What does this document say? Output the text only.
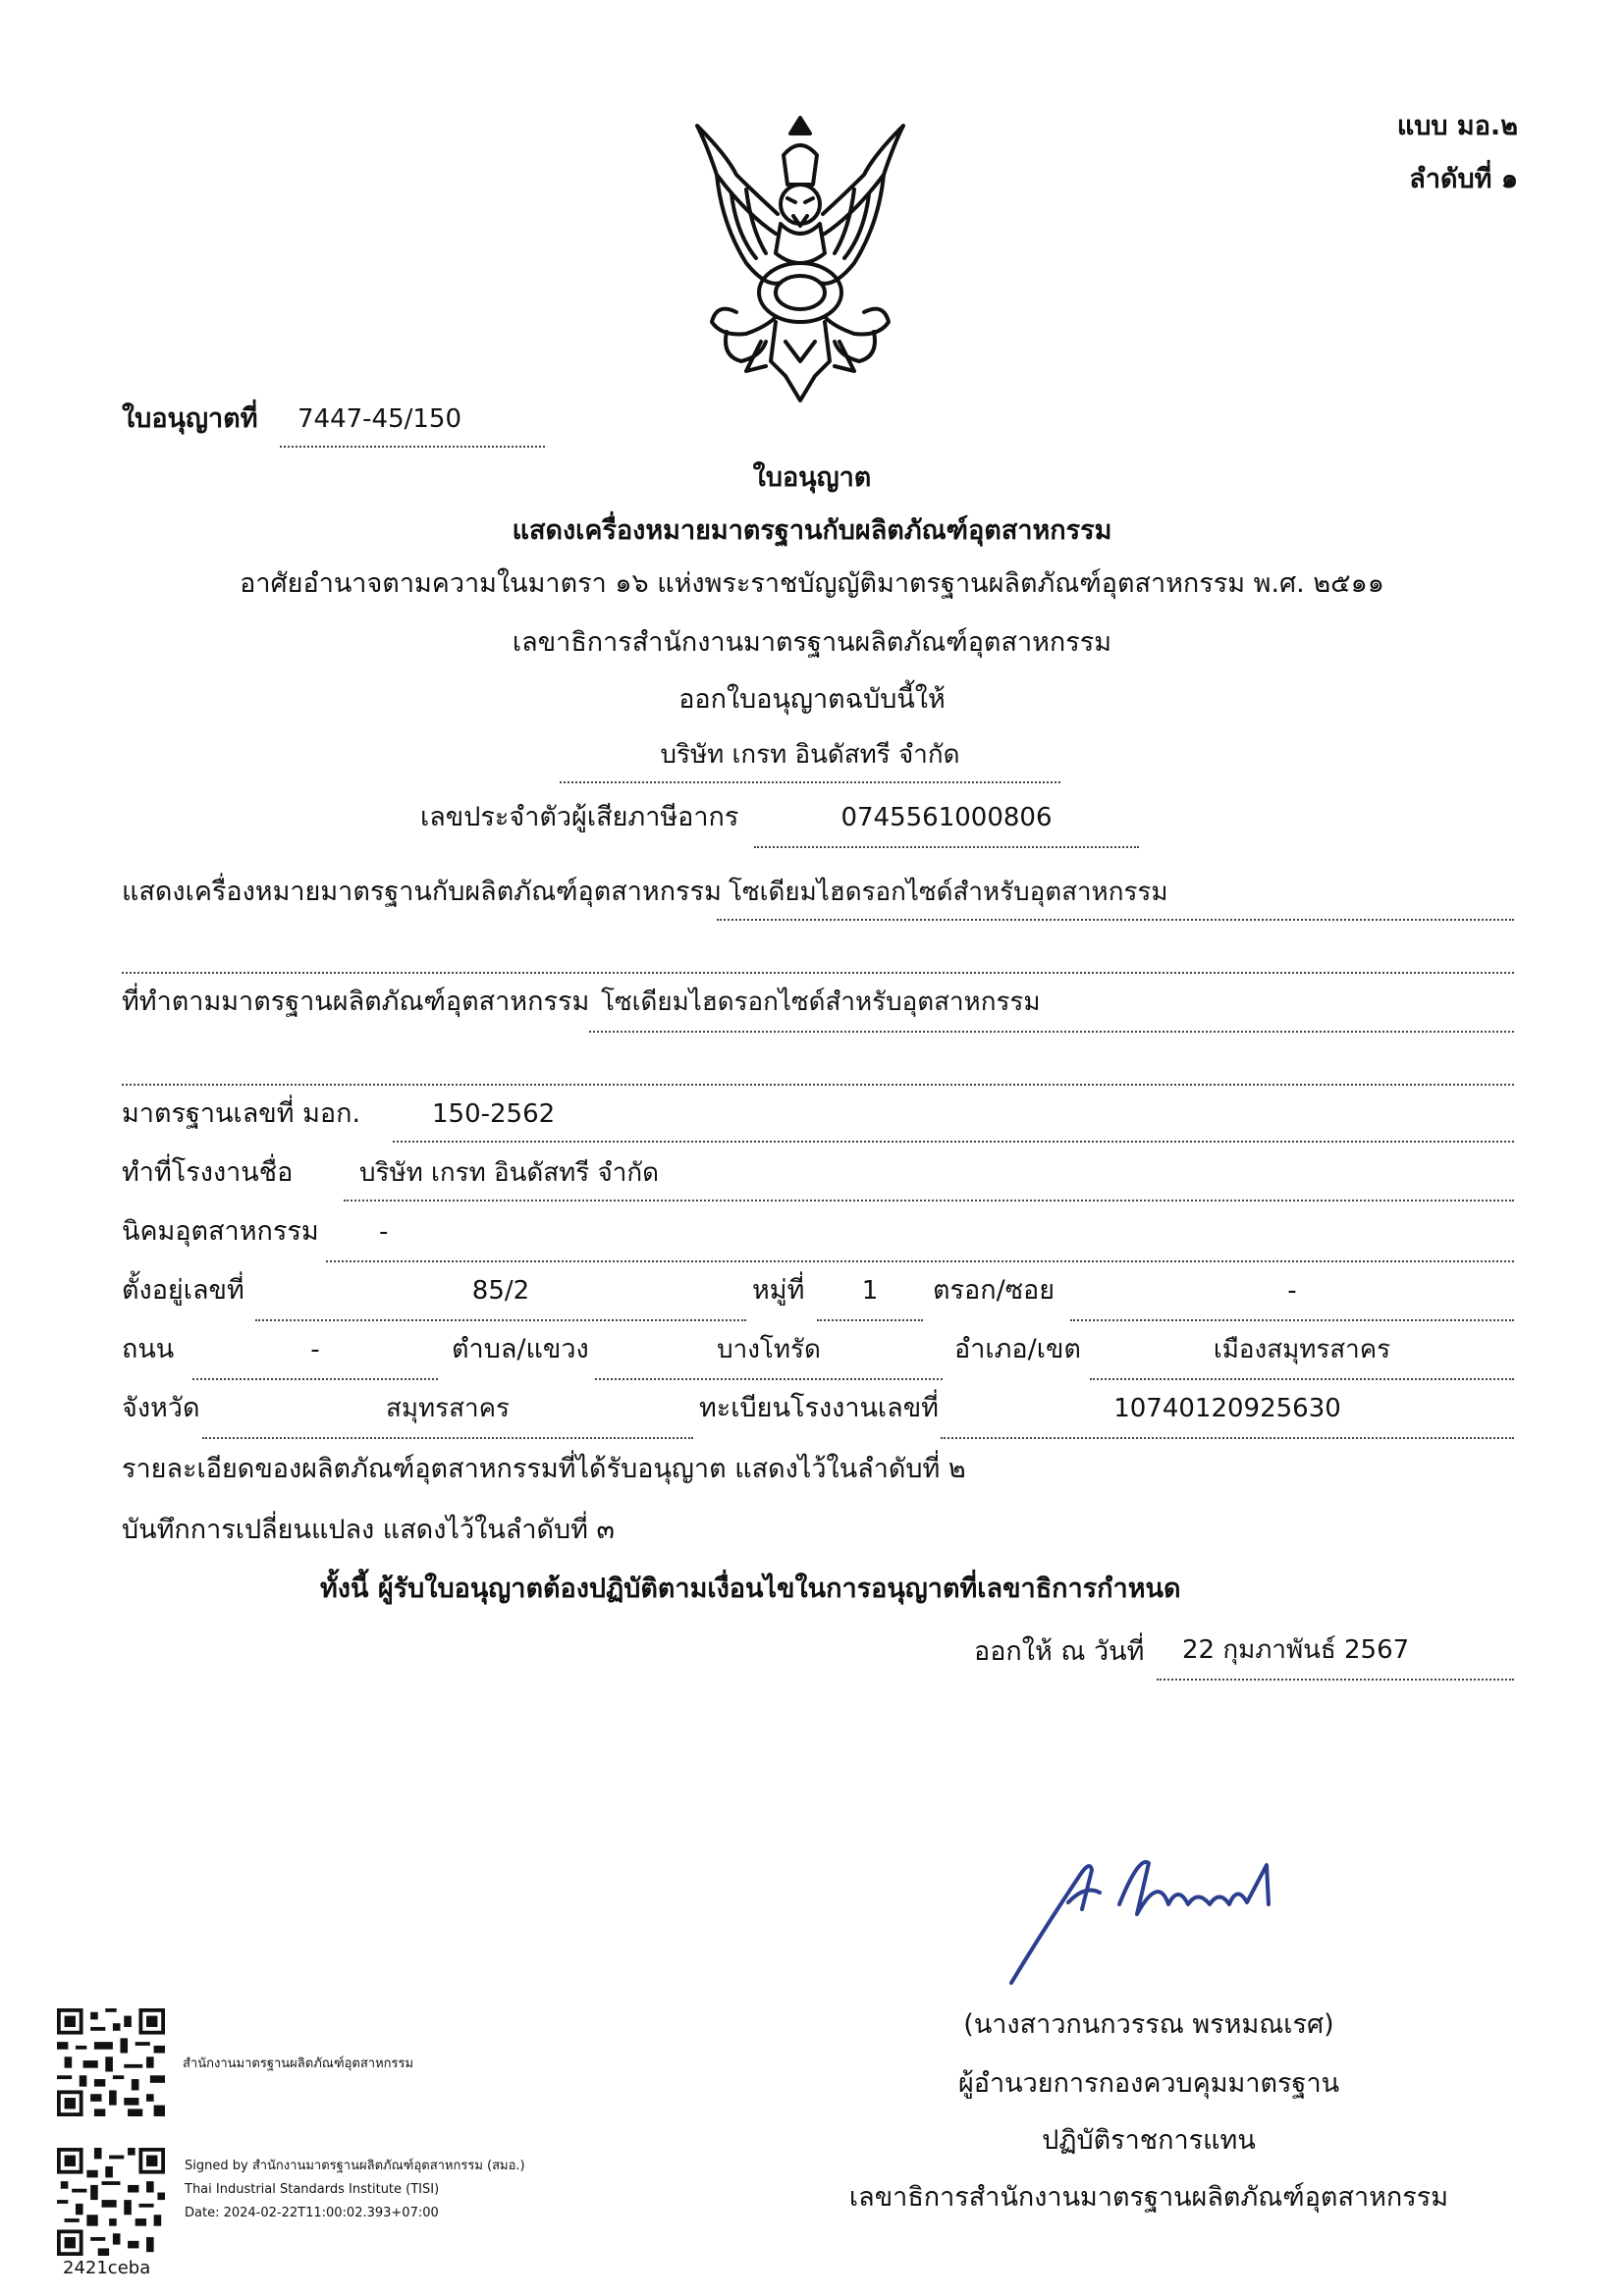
แบบ มอ.๒
ลำดับที่ ๑
ใบอนุญาตที่	7447-45/150
ใบอนุญาต
แสดงเครื่องหมายมาตรฐานกับผลิตภัณฑ์อุตสาหกรรม
อาศัยอำนาจตามความในมาตรา ๑๖ แห่งพระราชบัญญัติมาตรฐานผลิตภัณฑ์อุตสาหกรรม พ.ศ. ๒๕๑๑
เลขาธิการสำนักงานมาตรฐานผลิตภัณฑ์อุตสาหกรรม
ออกใบอนุญาตฉบับนี้ให้
บริษัท เกรท อินดัสทรี จำกัด
เลขประจำตัวผู้เสียภาษีอากร	0745561000806
แสดงเครื่องหมายมาตรฐานกับผลิตภัณฑ์อุตสาหกรรม โซเดียมไฮดรอกไซด์สำหรับอุตสาหกรรม
ที่ทำตามมาตรฐานผลิตภัณฑ์อุตสาหกรรม โซเดียมไฮดรอกไซด์สำหรับอุตสาหกรรม
มาตรฐานเลขที่ มอก.	150-2562
ทำที่โรงงานชื่อ	บริษัท เกรท อินดัสทรี จำกัด
นิคมอุตสาหกรรม	-
ตั้งอยู่เลขที่	85/2	หมู่ที่	1	ตรอก/ซอย	-
ถนน	-	ตำบล/แขวง	บางโทรัด	อำเภอ/เขต	เมืองสมุทรสาคร
จังหวัด	สมุทรสาคร	ทะเบียนโรงงานเลขที่	10740120925630
รายละเอียดของผลิตภัณฑ์อุตสาหกรรมที่ได้รับอนุญาต แสดงไว้ในลำดับที่ ๒
บันทึกการเปลี่ยนแปลง แสดงไว้ในลำดับที่ ๓
ทั้งนี้ ผู้รับใบอนุญาตต้องปฏิบัติตามเงื่อนไขในการอนุญาตที่เลขาธิการกำหนด
ออกให้ ณ วันที่	22 กุมภาพันธ์ 2567
(นางสาวกนกวรรณ พรหมณเรศ)
ผู้อำนวยการกองควบคุมมาตรฐาน
ปฏิบัติราชการแทน
เลขาธิการสำนักงานมาตรฐานผลิตภัณฑ์อุตสาหกรรม
สำนักงานมาตรฐานผลิตภัณฑ์อุตสาหกรรม
Signed by สำนักงานมาตรฐานผลิตภัณฑ์อุตสาหกรรม (สมอ.)
Thai Industrial Standards Institute (TISI)
Date: 2024-02-22T11:00:02.393+07:00
2421ceba
